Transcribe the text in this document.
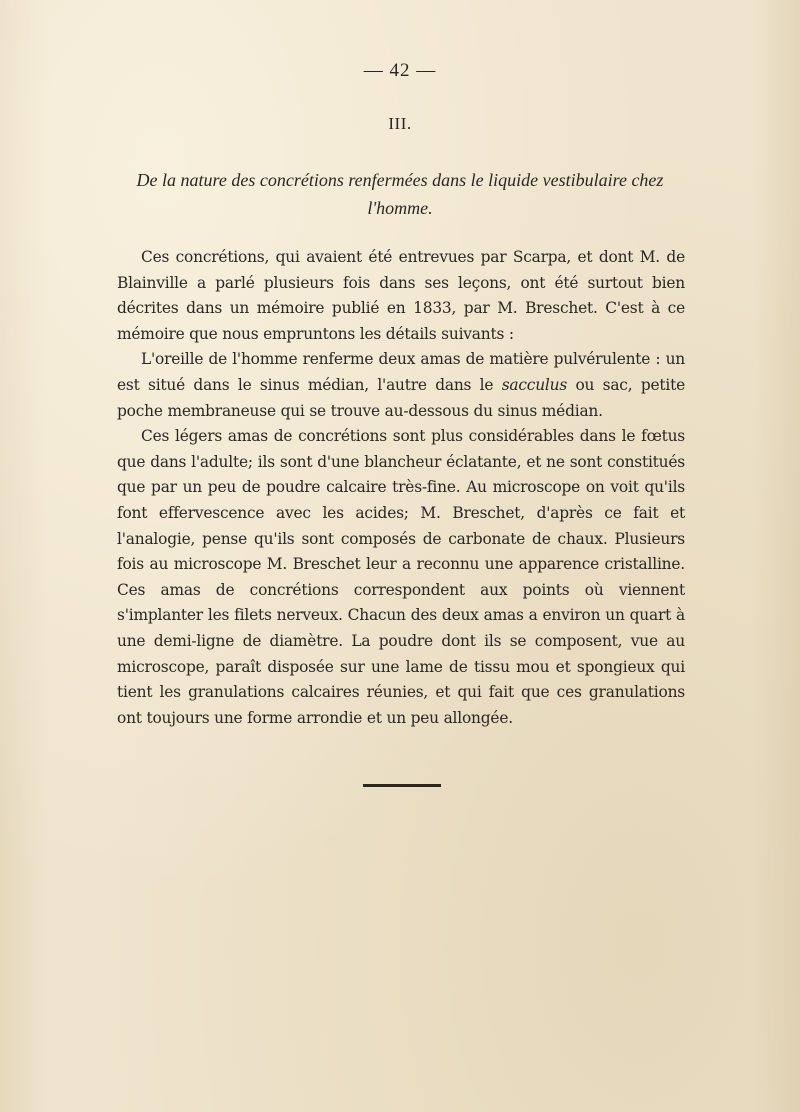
— 42 —
III.
De la nature des concrétions renfermées dans le liquide vestibulaire chez
l'homme.

Ces concrétions, qui avaient été entrevues par Scarpa, et dont M. de Blainville a parlé plusieurs fois dans ses leçons, ont été surtout bien décrites dans un mémoire publié en 1833, par M. Breschet. C'est à ce mémoire que nous empruntons les détails suivants :

L'oreille de l'homme renferme deux amas de matière pulvérulente : un est situé dans le sinus médian, l'autre dans le sacculus ou sac, petite poche membraneuse qui se trouve au-dessous du sinus médian.

Ces légers amas de concrétions sont plus considérables dans le fœtus que dans l'adulte; ils sont d'une blancheur éclatante, et ne sont constitués que par un peu de poudre calcaire très-fine. Au microscope on voit qu'ils font effervescence avec les acides; M. Breschet, d'après ce fait et l'analogie, pense qu'ils sont composés de carbonate de chaux. Plusieurs fois au microscope M. Breschet leur a reconnu une apparence cristalline. Ces amas de concrétions correspondent aux points où viennent s'implanter les filets nerveux. Chacun des deux amas a environ un quart à une demi-ligne de diamètre. La poudre dont ils se composent, vue au microscope, paraît disposée sur une lame de tissu mou et spongieux qui tient les granulations calcaires réunies, et qui fait que ces granulations ont toujours une forme arrondie et un peu allongée.
